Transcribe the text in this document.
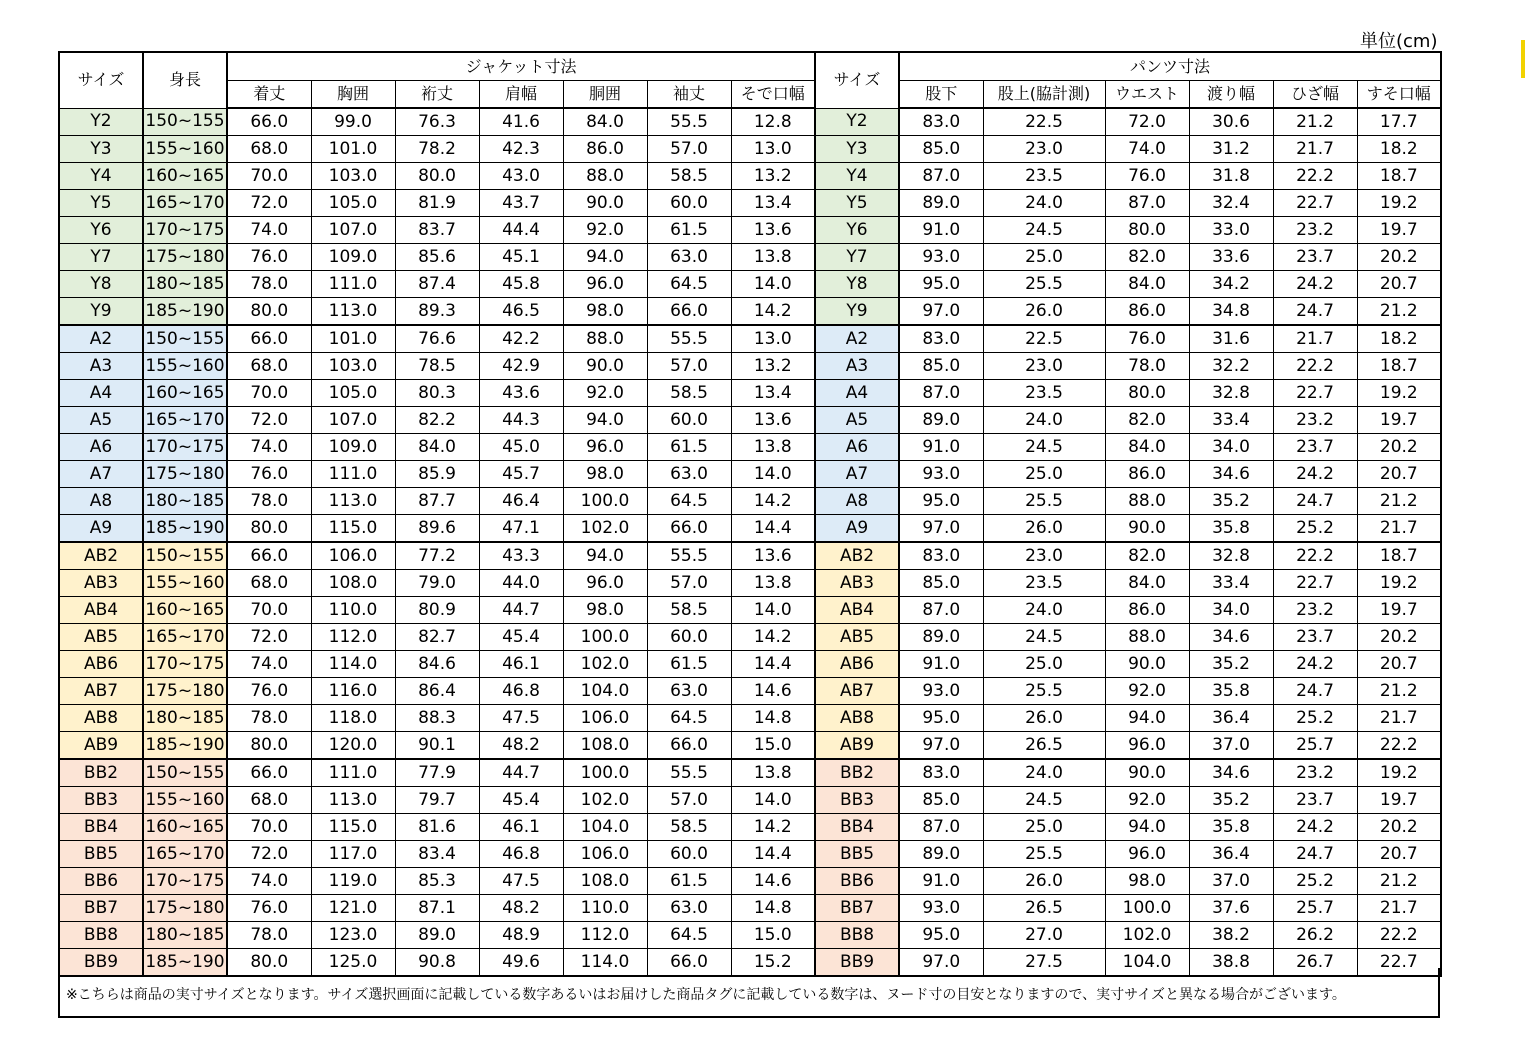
単位(cm)
サイズ	身長	ジャケット寸法							サイズ	パンツ寸法					
		着丈	胸囲	裄丈	肩幅	胴囲	袖丈	そで口幅		股下	股上(脇計測)	ウエスト	渡り幅	ひざ幅	すそ口幅
Y2	150~155	66.0	99.0	76.3	41.6	84.0	55.5	12.8	Y2	83.0	22.5	72.0	30.6	21.2	17.7
Y3	155~160	68.0	101.0	78.2	42.3	86.0	57.0	13.0	Y3	85.0	23.0	74.0	31.2	21.7	18.2
Y4	160~165	70.0	103.0	80.0	43.0	88.0	58.5	13.2	Y4	87.0	23.5	76.0	31.8	22.2	18.7
Y5	165~170	72.0	105.0	81.9	43.7	90.0	60.0	13.4	Y5	89.0	24.0	87.0	32.4	22.7	19.2
Y6	170~175	74.0	107.0	83.7	44.4	92.0	61.5	13.6	Y6	91.0	24.5	80.0	33.0	23.2	19.7
Y7	175~180	76.0	109.0	85.6	45.1	94.0	63.0	13.8	Y7	93.0	25.0	82.0	33.6	23.7	20.2
Y8	180~185	78.0	111.0	87.4	45.8	96.0	64.5	14.0	Y8	95.0	25.5	84.0	34.2	24.2	20.7
Y9	185~190	80.0	113.0	89.3	46.5	98.0	66.0	14.2	Y9	97.0	26.0	86.0	34.8	24.7	21.2
A2	150~155	66.0	101.0	76.6	42.2	88.0	55.5	13.0	A2	83.0	22.5	76.0	31.6	21.7	18.2
A3	155~160	68.0	103.0	78.5	42.9	90.0	57.0	13.2	A3	85.0	23.0	78.0	32.2	22.2	18.7
A4	160~165	70.0	105.0	80.3	43.6	92.0	58.5	13.4	A4	87.0	23.5	80.0	32.8	22.7	19.2
A5	165~170	72.0	107.0	82.2	44.3	94.0	60.0	13.6	A5	89.0	24.0	82.0	33.4	23.2	19.7
A6	170~175	74.0	109.0	84.0	45.0	96.0	61.5	13.8	A6	91.0	24.5	84.0	34.0	23.7	20.2
A7	175~180	76.0	111.0	85.9	45.7	98.0	63.0	14.0	A7	93.0	25.0	86.0	34.6	24.2	20.7
A8	180~185	78.0	113.0	87.7	46.4	100.0	64.5	14.2	A8	95.0	25.5	88.0	35.2	24.7	21.2
A9	185~190	80.0	115.0	89.6	47.1	102.0	66.0	14.4	A9	97.0	26.0	90.0	35.8	25.2	21.7
AB2	150~155	66.0	106.0	77.2	43.3	94.0	55.5	13.6	AB2	83.0	23.0	82.0	32.8	22.2	18.7
AB3	155~160	68.0	108.0	79.0	44.0	96.0	57.0	13.8	AB3	85.0	23.5	84.0	33.4	22.7	19.2
AB4	160~165	70.0	110.0	80.9	44.7	98.0	58.5	14.0	AB4	87.0	24.0	86.0	34.0	23.2	19.7
AB5	165~170	72.0	112.0	82.7	45.4	100.0	60.0	14.2	AB5	89.0	24.5	88.0	34.6	23.7	20.2
AB6	170~175	74.0	114.0	84.6	46.1	102.0	61.5	14.4	AB6	91.0	25.0	90.0	35.2	24.2	20.7
AB7	175~180	76.0	116.0	86.4	46.8	104.0	63.0	14.6	AB7	93.0	25.5	92.0	35.8	24.7	21.2
AB8	180~185	78.0	118.0	88.3	47.5	106.0	64.5	14.8	AB8	95.0	26.0	94.0	36.4	25.2	21.7
AB9	185~190	80.0	120.0	90.1	48.2	108.0	66.0	15.0	AB9	97.0	26.5	96.0	37.0	25.7	22.2
BB2	150~155	66.0	111.0	77.9	44.7	100.0	55.5	13.8	BB2	83.0	24.0	90.0	34.6	23.2	19.2
BB3	155~160	68.0	113.0	79.7	45.4	102.0	57.0	14.0	BB3	85.0	24.5	92.0	35.2	23.7	19.7
BB4	160~165	70.0	115.0	81.6	46.1	104.0	58.5	14.2	BB4	87.0	25.0	94.0	35.8	24.2	20.2
BB5	165~170	72.0	117.0	83.4	46.8	106.0	60.0	14.4	BB5	89.0	25.5	96.0	36.4	24.7	20.7
BB6	170~175	74.0	119.0	85.3	47.5	108.0	61.5	14.6	BB6	91.0	26.0	98.0	37.0	25.2	21.2
BB7	175~180	76.0	121.0	87.1	48.2	110.0	63.0	14.8	BB7	93.0	26.5	100.0	37.6	25.7	21.7
BB8	180~185	78.0	123.0	89.0	48.9	112.0	64.5	15.0	BB8	95.0	27.0	102.0	38.2	26.2	22.2
BB9	185~190	80.0	125.0	90.8	49.6	114.0	66.0	15.2	BB9	97.0	27.5	104.0	38.8	26.7	22.7
※こちらは商品の実寸サイズとなります。サイズ選択画面に記載している数字あるいはお届けした商品タグに記載している数字は、ヌード寸の目安となりますので、実寸サイズと異なる場合がございます。
